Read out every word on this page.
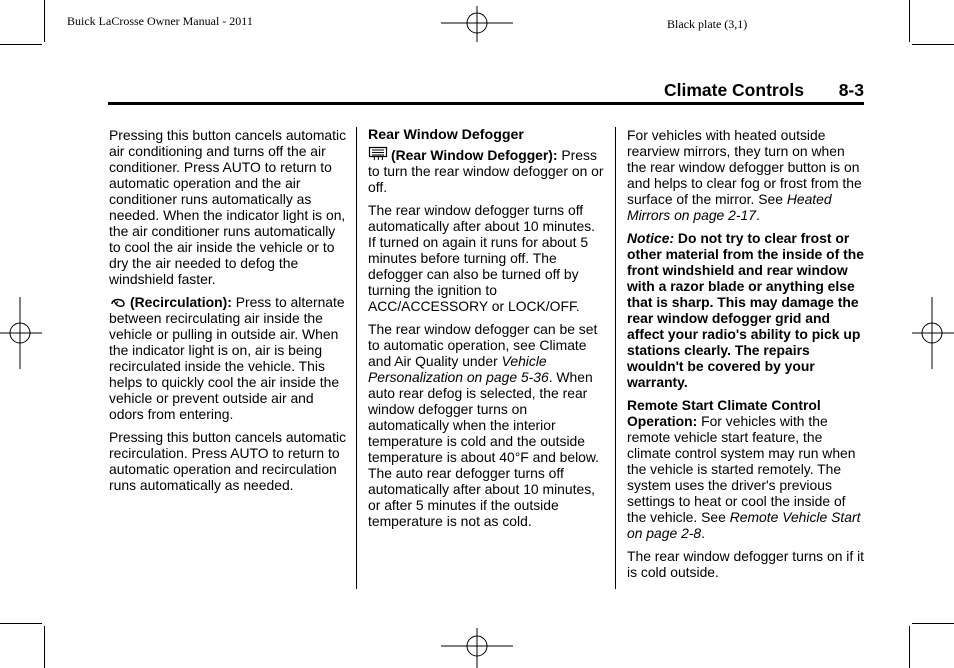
Buick LaCrosse Owner Manual - 2011	Black plate (3,1)
Climate Controls 8-3

Pressing this button cancels automatic air conditioning and turns off the air conditioner. Press AUTO to return to automatic operation and the air conditioner runs automatically as needed. When the indicator light is on, the air conditioner runs automatically to cool the air inside the vehicle or to dry the air needed to defog the windshield faster.

(Recirculation): Press to alternate between recirculating air inside the vehicle or pulling in outside air. When the indicator light is on, air is being recirculated inside the vehicle. This helps to quickly cool the air inside the vehicle or prevent outside air and odors from entering.

Pressing this button cancels automatic recirculation. Press AUTO to return to automatic operation and recirculation runs automatically as needed.

Rear Window Defogger

(Rear Window Defogger): Press to turn the rear window defogger on or off.

The rear window defogger turns off automatically after about 10 minutes. If turned on again it runs for about 5 minutes before turning off. The defogger can also be turned off by turning the ignition to ACC/ACCESSORY or LOCK/OFF.

The rear window defogger can be set to automatic operation, see Climate and Air Quality under Vehicle Personalization on page 5-36. When auto rear defog is selected, the rear window defogger turns on automatically when the interior temperature is cold and the outside temperature is about 40°F and below. The auto rear defogger turns off automatically after about 10 minutes, or after 5 minutes if the outside temperature is not as cold.

For vehicles with heated outside rearview mirrors, they turn on when the rear window defogger button is on and helps to clear fog or frost from the surface of the mirror. See Heated Mirrors on page 2-17.

Notice: Do not try to clear frost or other material from the inside of the front windshield and rear window with a razor blade or anything else that is sharp. This may damage the rear window defogger grid and affect your radio's ability to pick up stations clearly. The repairs wouldn't be covered by your warranty.

Remote Start Climate Control Operation: For vehicles with the remote vehicle start feature, the climate control system may run when the vehicle is started remotely. The system uses the driver's previous settings to heat or cool the inside of the vehicle. See Remote Vehicle Start on page 2-8.

The rear window defogger turns on if it is cold outside.
